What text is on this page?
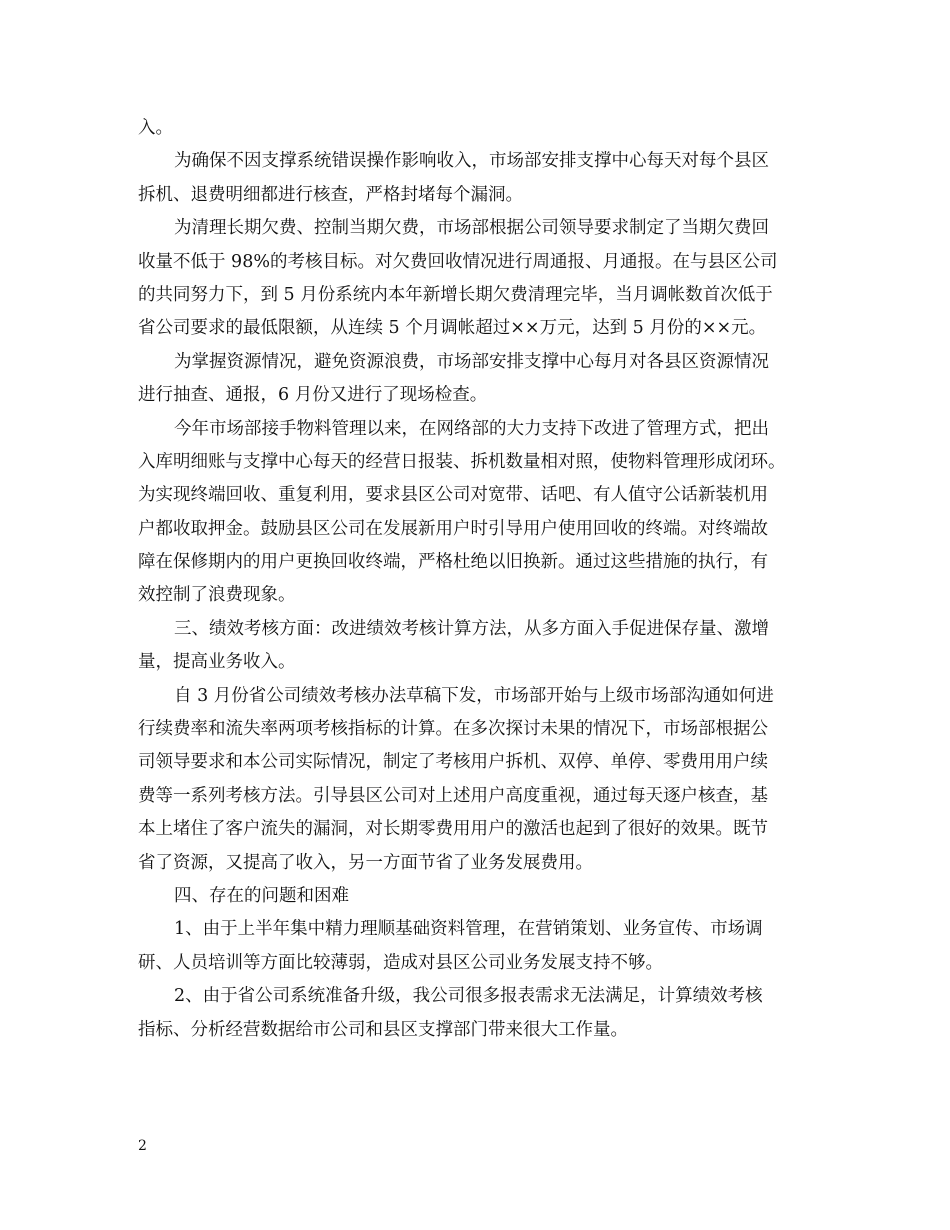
入。
为确保不因支撑系统错误操作影响收入，市场部安排支撑中心每天对每个县区
拆机、退费明细都进行核查，严格封堵每个漏洞。
为清理长期欠费、控制当期欠费，市场部根据公司领导要求制定了当期欠费回
收量不低于 98%的考核目标。对欠费回收情况进行周通报、月通报。在与县区公司
的共同努力下，到 5 月份系统内本年新增长期欠费清理完毕，当月调帐数首次低于
省公司要求的最低限额，从连续 5 个月调帐超过××万元，达到 5 月份的××元。
为掌握资源情况，避免资源浪费，市场部安排支撑中心每月对各县区资源情况
进行抽查、通报，6 月份又进行了现场检查。
今年市场部接手物料管理以来，在网络部的大力支持下改进了管理方式，把出
入库明细账与支撑中心每天的经营日报装、拆机数量相对照，使物料管理形成闭环。
为实现终端回收、重复利用，要求县区公司对宽带、话吧、有人值守公话新装机用
户都收取押金。鼓励县区公司在发展新用户时引导用户使用回收的终端。对终端故
障在保修期内的用户更换回收终端，严格杜绝以旧换新。通过这些措施的执行，有
效控制了浪费现象。
三、绩效考核方面：改进绩效考核计算方法，从多方面入手促进保存量、激增
量，提高业务收入。
自 3 月份省公司绩效考核办法草稿下发，市场部开始与上级市场部沟通如何进
行续费率和流失率两项考核指标的计算。在多次探讨未果的情况下，市场部根据公
司领导要求和本公司实际情况，制定了考核用户拆机、双停、单停、零费用用户续
费等一系列考核方法。引导县区公司对上述用户高度重视，通过每天逐户核查，基
本上堵住了客户流失的漏洞，对长期零费用用户的激活也起到了很好的效果。既节
省了资源，又提高了收入，另一方面节省了业务发展费用。
四、存在的问题和困难
1、由于上半年集中精力理顺基础资料管理，在营销策划、业务宣传、市场调
研、人员培训等方面比较薄弱，造成对县区公司业务发展支持不够。
2、由于省公司系统准备升级，我公司很多报表需求无法满足，计算绩效考核
指标、分析经营数据给市公司和县区支撑部门带来很大工作量。
2
